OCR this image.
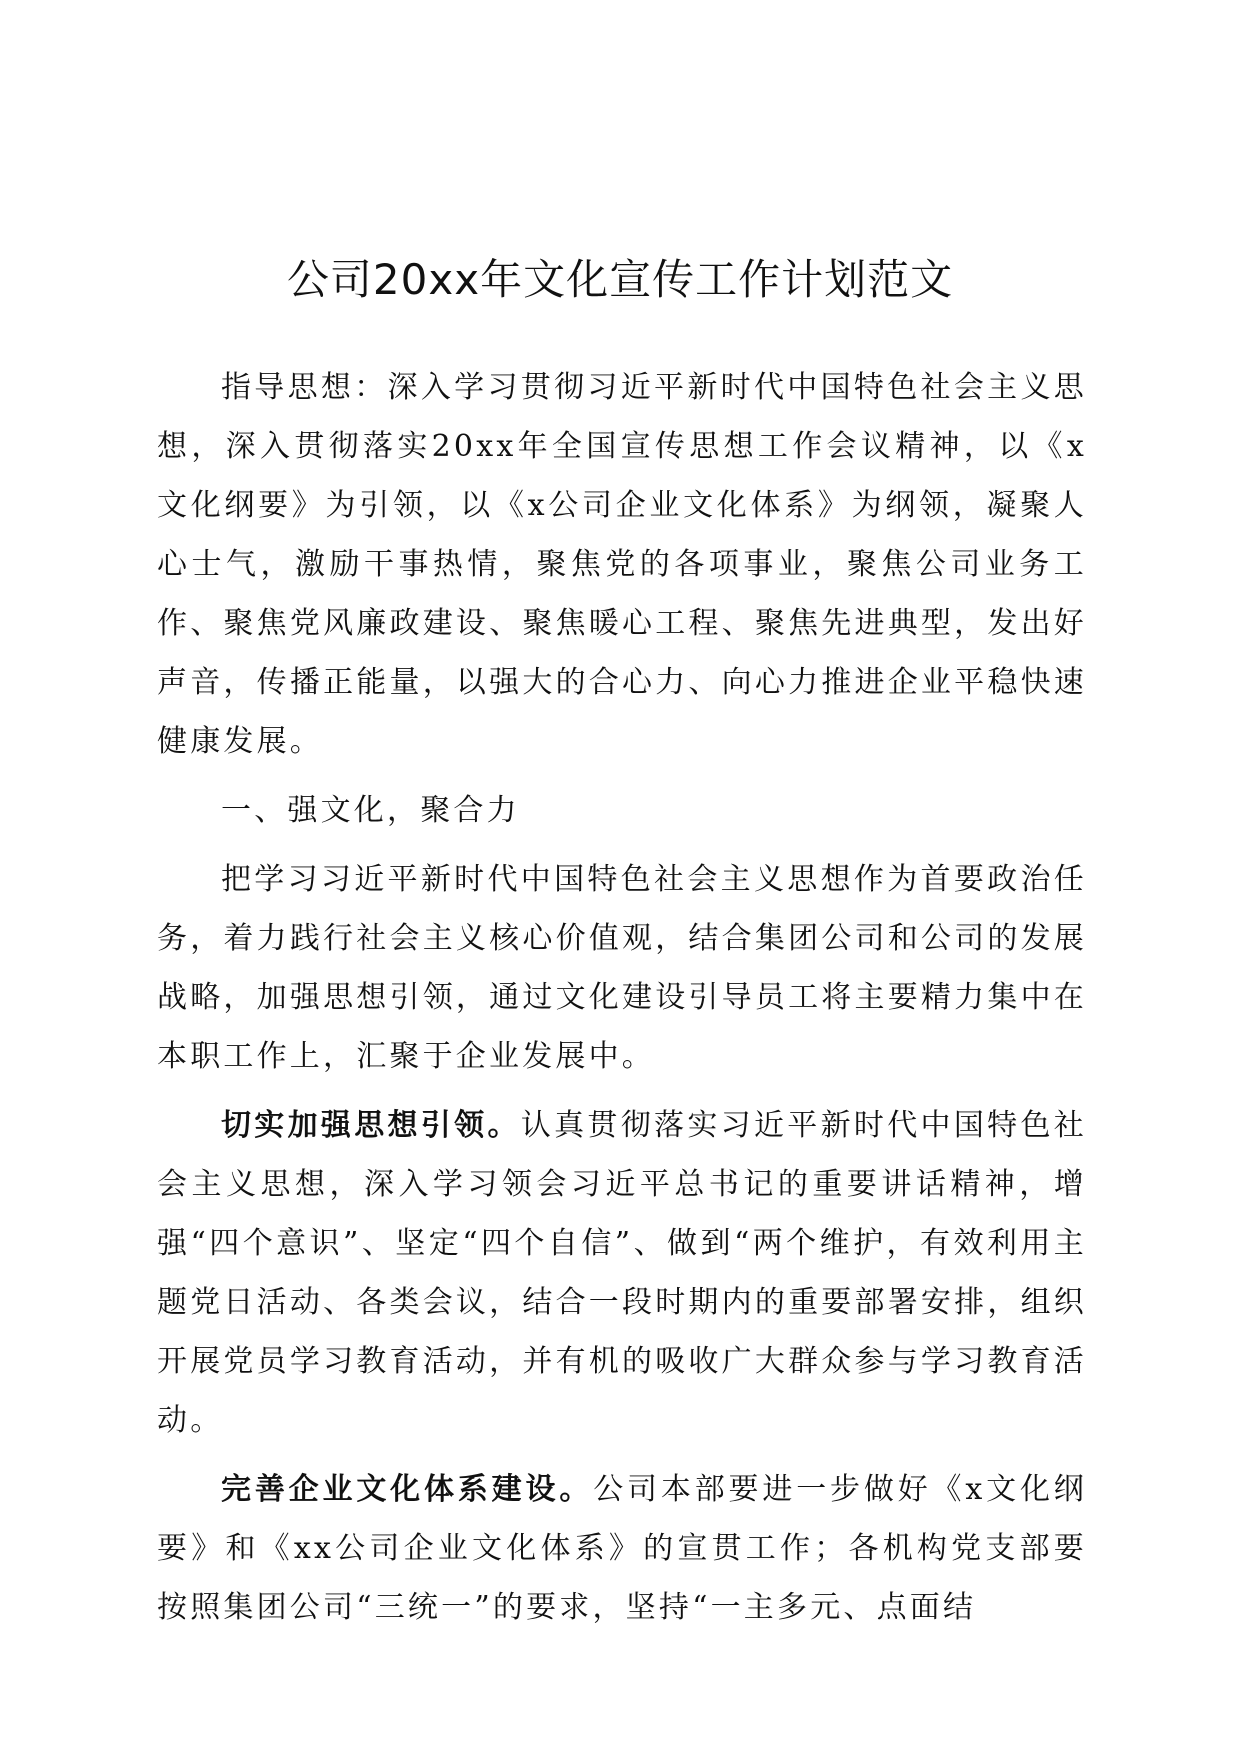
公司20xx年文化宣传工作计划范文

指导思想：深入学习贯彻习近平新时代中国特色社会主义思想，深入贯彻落实20xx年全国宣传思想工作会议精神，以《x文化纲要》为引领，以《x公司企业文化体系》为纲领，凝聚人心士气，激励干事热情，聚焦党的各项事业，聚焦公司业务工作、聚焦党风廉政建设、聚焦暖心工程、聚焦先进典型，发出好声音，传播正能量，以强大的合心力、向心力推进企业平稳快速健康发展。

一、强文化，聚合力

把学习习近平新时代中国特色社会主义思想作为首要政治任务，着力践行社会主义核心价值观，结合集团公司和公司的发展战略，加强思想引领，通过文化建设引导员工将主要精力集中在本职工作上，汇聚于企业发展中。

切实加强思想引领。认真贯彻落实习近平新时代中国特色社会主义思想，深入学习领会习近平总书记的重要讲话精神，增强“四个意识”、坚定“四个自信”、做到“两个维护，有效利用主题党日活动、各类会议，结合一段时期内的重要部署安排，组织开展党员学习教育活动，并有机的吸收广大群众参与学习教育活动。

完善企业文化体系建设。公司本部要进一步做好《x文化纲要》和《xx公司企业文化体系》的宣贯工作；各机构党支部要按照集团公司“三统一”的要求，坚持“一主多元、点面结
